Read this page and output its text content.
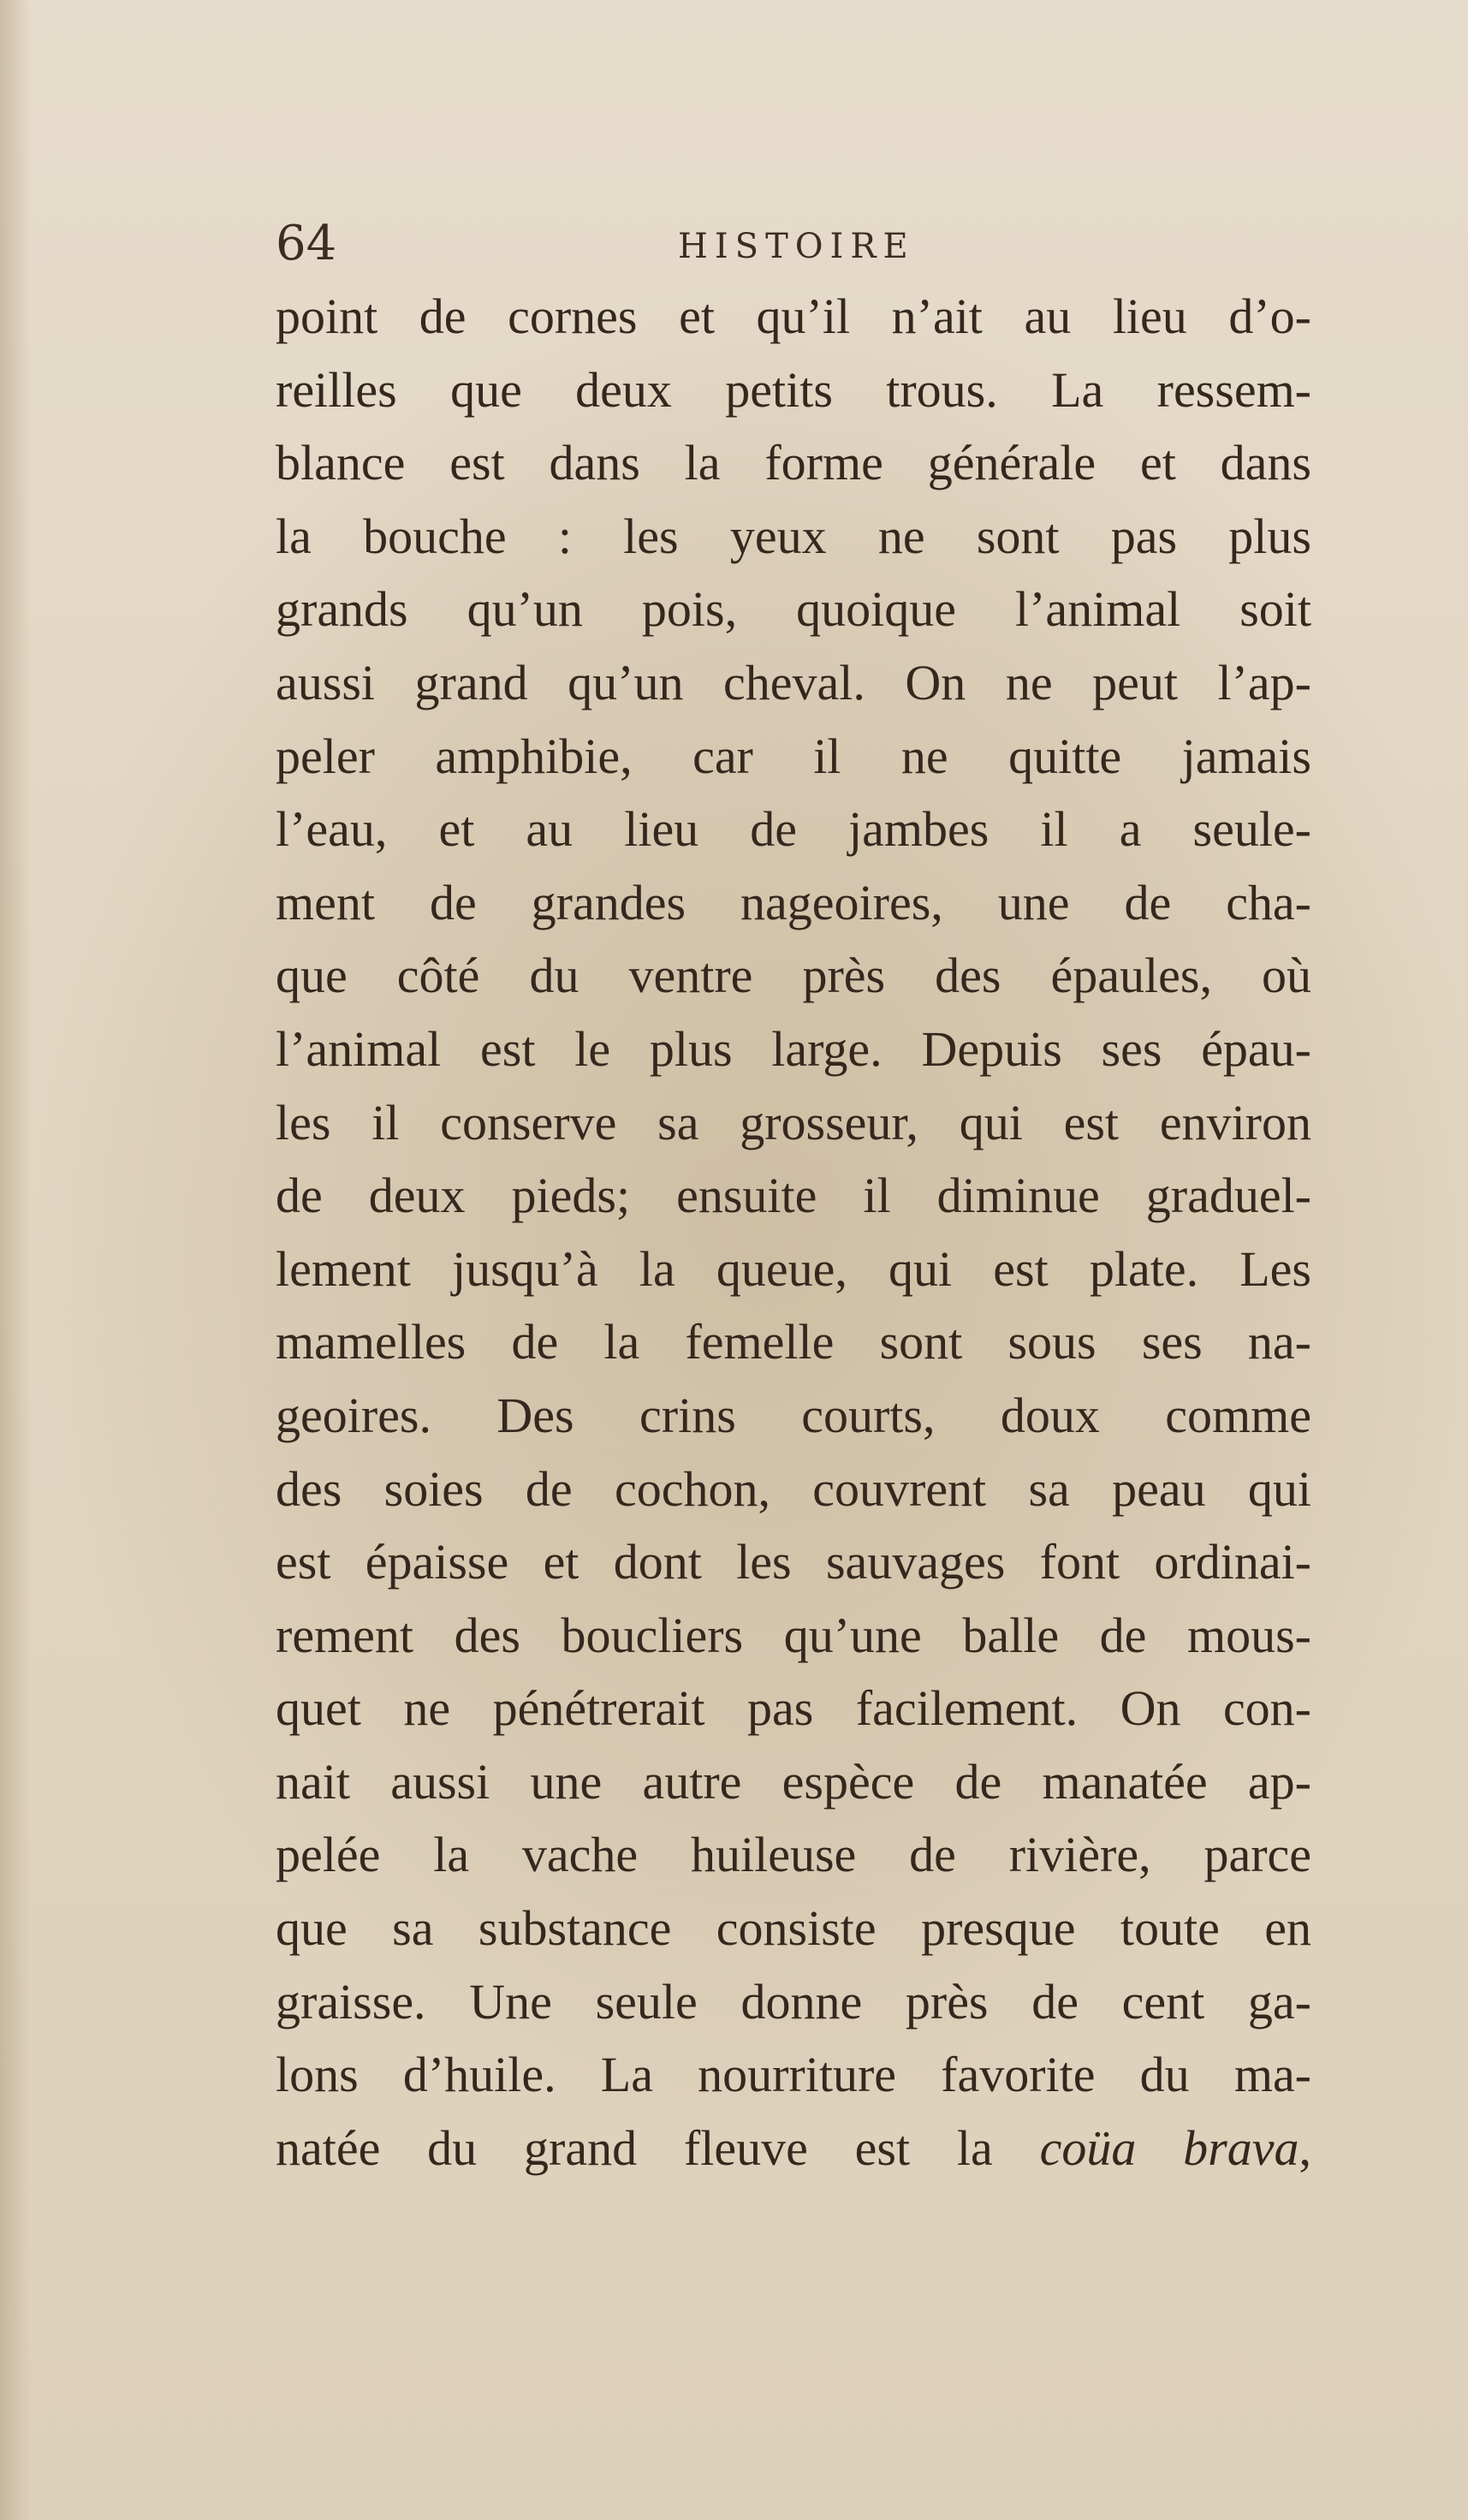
64	HISTOIRE
point de cornes et qu’il n’ait au lieu d’o-
reilles que deux petits trous. La ressem-
blance est dans la forme générale et dans
la bouche : les yeux ne sont pas plus
grands qu’un pois, quoique l’animal soit
aussi grand qu’un cheval. On ne peut l’ap-
peler amphibie, car il ne quitte jamais
l’eau, et au lieu de jambes il a seule-
ment de grandes nageoires, une de cha-
que côté du ventre près des épaules, où
l’animal est le plus large. Depuis ses épau-
les il conserve sa grosseur, qui est environ
de deux pieds; ensuite il diminue graduel-
lement jusqu’à la queue, qui est plate. Les
mamelles de la femelle sont sous ses na-
geoires. Des crins courts, doux comme
des soies de cochon, couvrent sa peau qui
est épaisse et dont les sauvages font ordinai-
rement des boucliers qu’une balle de mous-
quet ne pénétrerait pas facilement. On con-
nait aussi une autre espèce de manatée ap-
pelée la vache huileuse de rivière, parce
que sa substance consiste presque toute en
graisse. Une seule donne près de cent ga-
lons d’huile. La nourriture favorite du ma-
natée du grand fleuve est la coüa brava,
